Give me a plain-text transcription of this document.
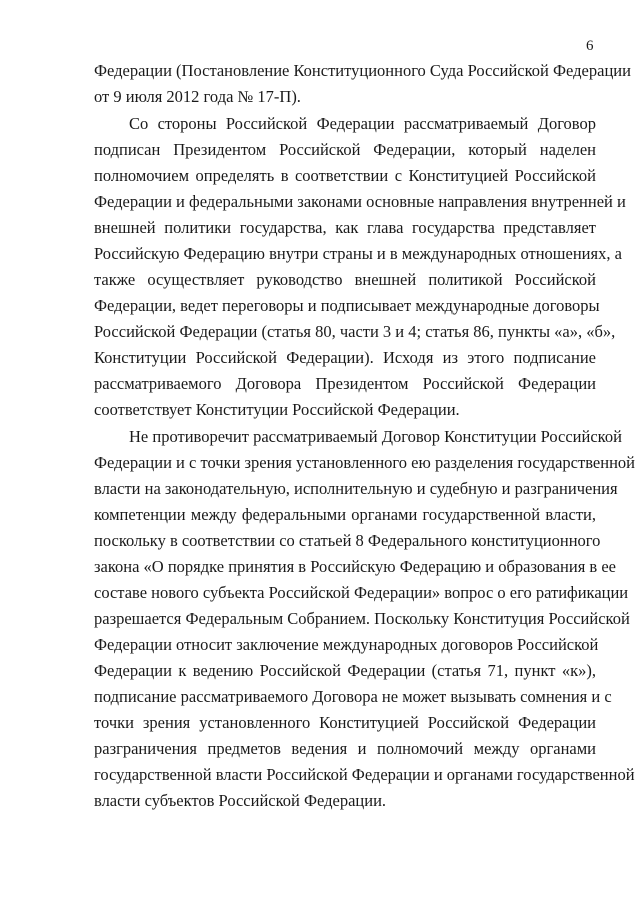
6
Федерации (Постановление Конституционного Суда Российской Федерации
от 9 июля 2012 года № 17-П).
Со стороны Российской Федерации рассматриваемый Договор
подписан Президентом Российской Федерации, который наделен
полномочием определять в соответствии с Конституцией Российской
Федерации и федеральными законами основные направления внутренней и
внешней политики государства, как глава государства представляет
Российскую Федерацию внутри страны и в международных отношениях, а
также осуществляет руководство внешней политикой Российской
Федерации, ведет переговоры и подписывает международные договоры
Российской Федерации (статья 80, части 3 и 4; статья 86, пункты «а», «б»,
Конституции Российской Федерации). Исходя из этого подписание
рассматриваемого Договора Президентом Российской Федерации
соответствует Конституции Российской Федерации.
Не противоречит рассматриваемый Договор Конституции Российской
Федерации и с точки зрения установленного ею разделения государственной
власти на законодательную, исполнительную и судебную и разграничения
компетенции между федеральными органами государственной власти,
поскольку в соответствии со статьей 8 Федерального конституционного
закона «О порядке принятия в Российскую Федерацию и образования в ее
составе нового субъекта Российской Федерации» вопрос о его ратификации
разрешается Федеральным Собранием. Поскольку Конституция Российской
Федерации относит заключение международных договоров Российской
Федерации к ведению Российской Федерации (статья 71, пункт «к»),
подписание рассматриваемого Договора не может вызывать сомнения и с
точки зрения установленного Конституцией Российской Федерации
разграничения предметов ведения и полномочий между органами
государственной власти Российской Федерации и органами государственной
власти субъектов Российской Федерации.
